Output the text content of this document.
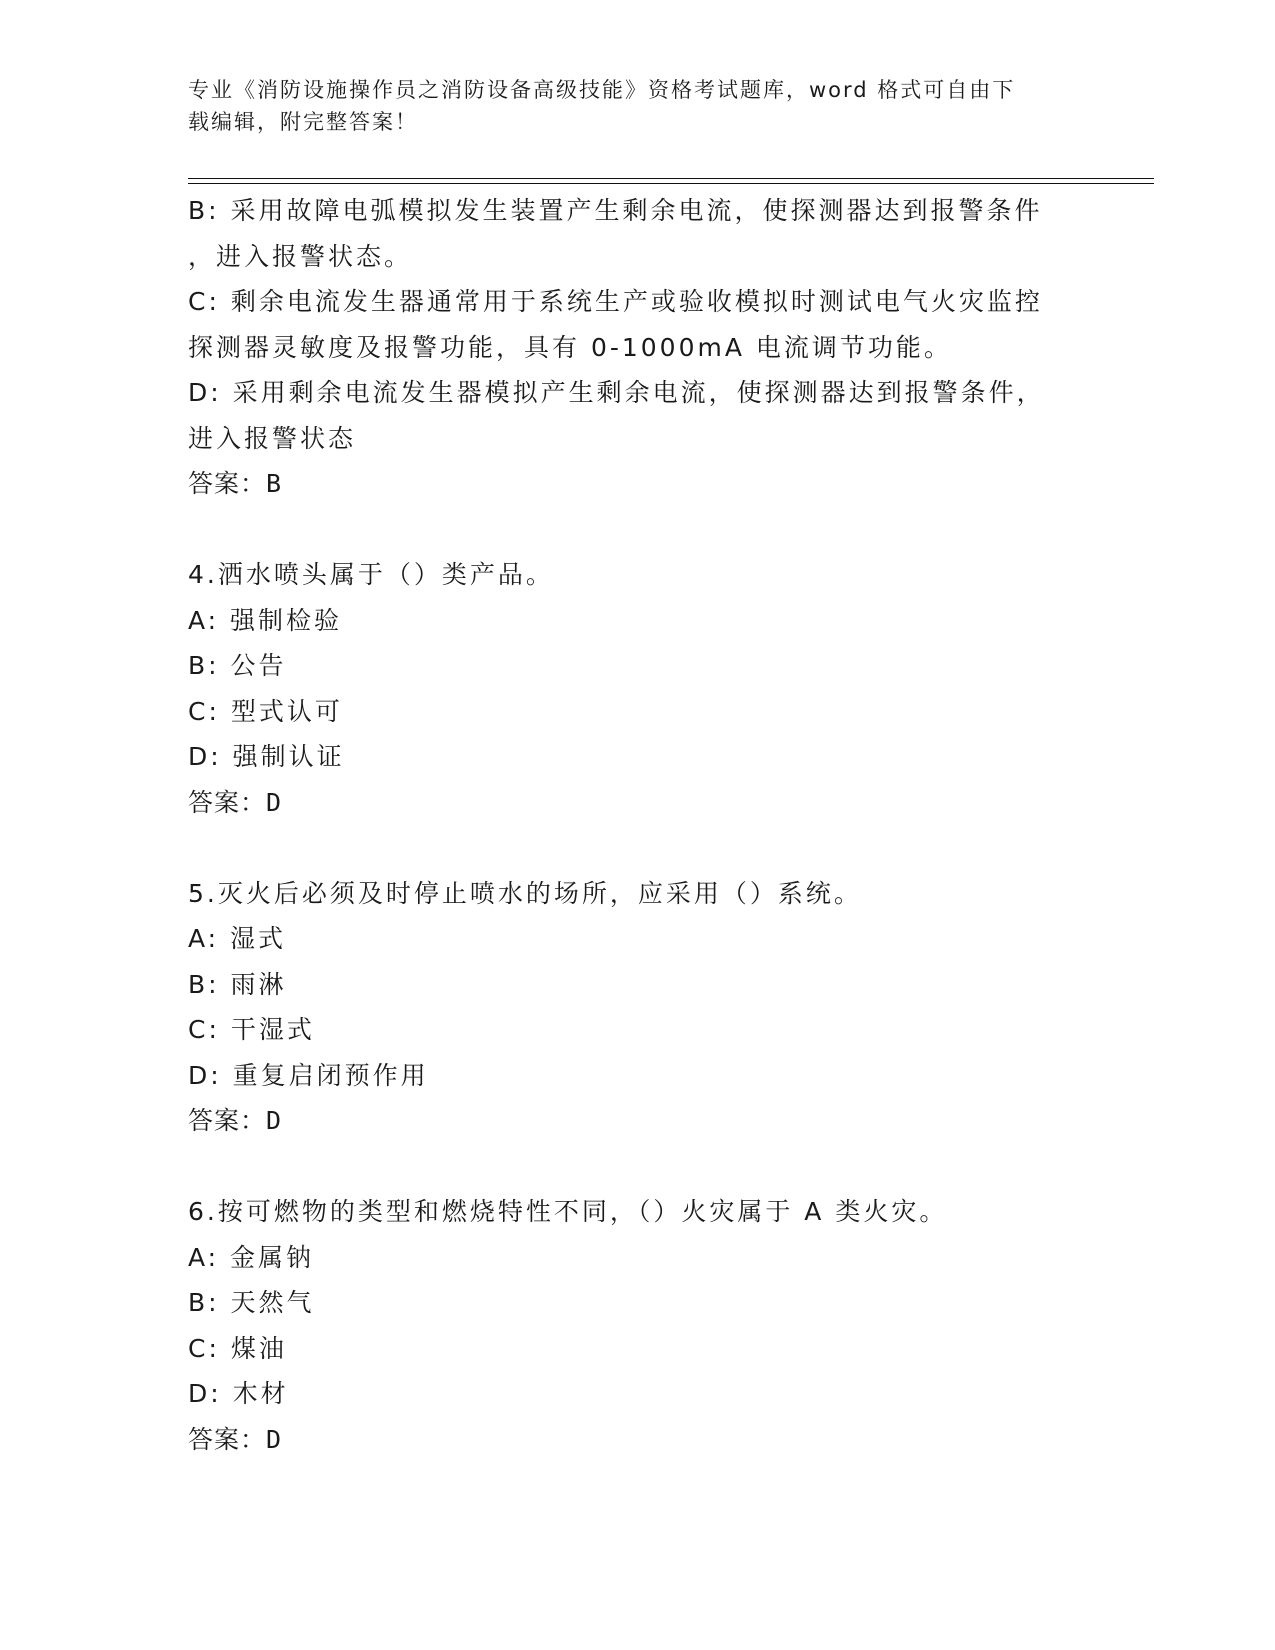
专业《消防设施操作员之消防设备高级技能》资格考试题库，word 格式可自由下
载编辑，附完整答案！
B: 采用故障电弧模拟发生装置产生剩余电流，使探测器达到报警条件
，进入报警状态。
C: 剩余电流发生器通常用于系统生产或验收模拟时测试电气火灾监控
探测器灵敏度及报警功能，具有 0-1000mA 电流调节功能。
D: 采用剩余电流发生器模拟产生剩余电流，使探测器达到报警条件，
进入报警状态
答案：B
4.洒水喷头属于（）类产品。
A: 强制检验
B: 公告
C: 型式认可
D: 强制认证
答案：D
5.灭火后必须及时停止喷水的场所，应采用（）系统。
A: 湿式
B: 雨淋
C: 干湿式
D: 重复启闭预作用
答案：D
6.按可燃物的类型和燃烧特性不同，（）火灾属于 A 类火灾。
A: 金属钠
B: 天然气
C: 煤油
D: 木材
答案：D
